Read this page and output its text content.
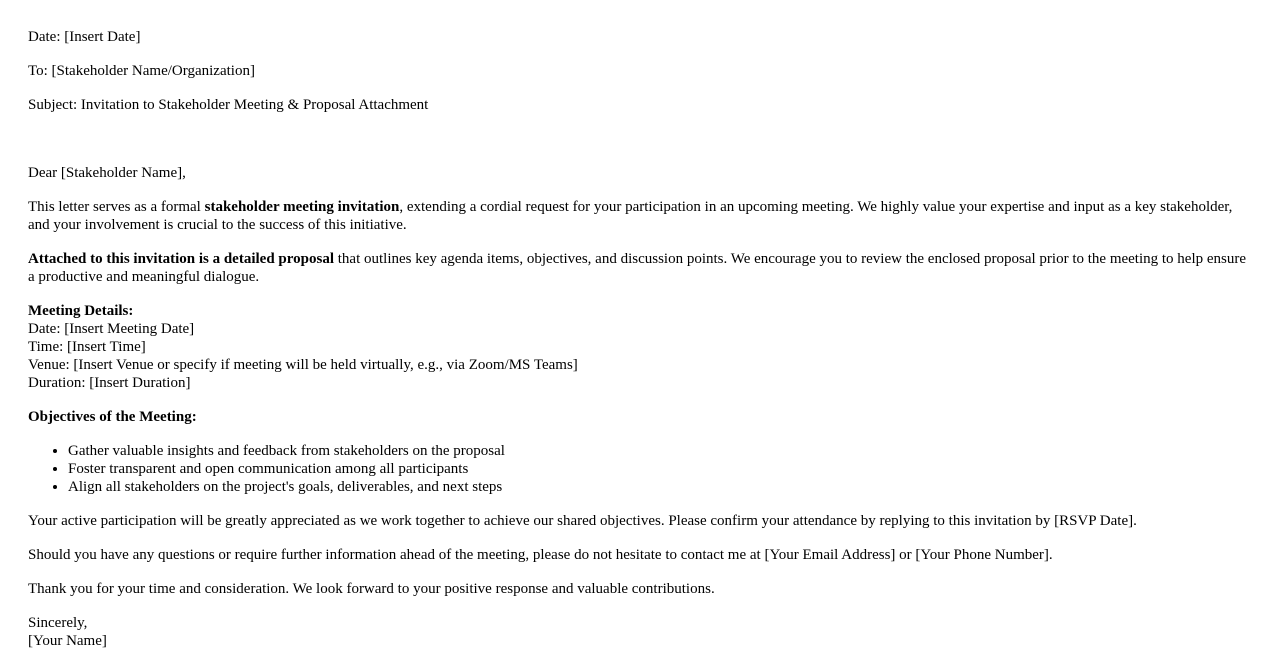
Date: [Insert Date]

To: [Stakeholder Name/Organization]

Subject: Invitation to Stakeholder Meeting & Proposal Attachment

Dear [Stakeholder Name],

This letter serves as a formal stakeholder meeting invitation, extending a cordial request for your participation in an upcoming meeting. We highly value your expertise and input as a key stakeholder, and your involvement is crucial to the success of this initiative.

Attached to this invitation is a detailed proposal that outlines key agenda items, objectives, and discussion points. We encourage you to review the enclosed proposal prior to the meeting to help ensure a productive and meaningful dialogue.

Meeting Details:
Date: [Insert Meeting Date]
Time: [Insert Time]
Venue: [Insert Venue or specify if meeting will be held virtually, e.g., via Zoom/MS Teams]
Duration: [Insert Duration]

Objectives of the Meeting:

• Gather valuable insights and feedback from stakeholders on the proposal
• Foster transparent and open communication among all participants
• Align all stakeholders on the project's goals, deliverables, and next steps

Your active participation will be greatly appreciated as we work together to achieve our shared objectives. Please confirm your attendance by replying to this invitation by [RSVP Date].

Should you have any questions or require further information ahead of the meeting, please do not hesitate to contact me at [Your Email Address] or [Your Phone Number].

Thank you for your time and consideration. We look forward to your positive response and valuable contributions.

Sincerely,
[Your Name]
